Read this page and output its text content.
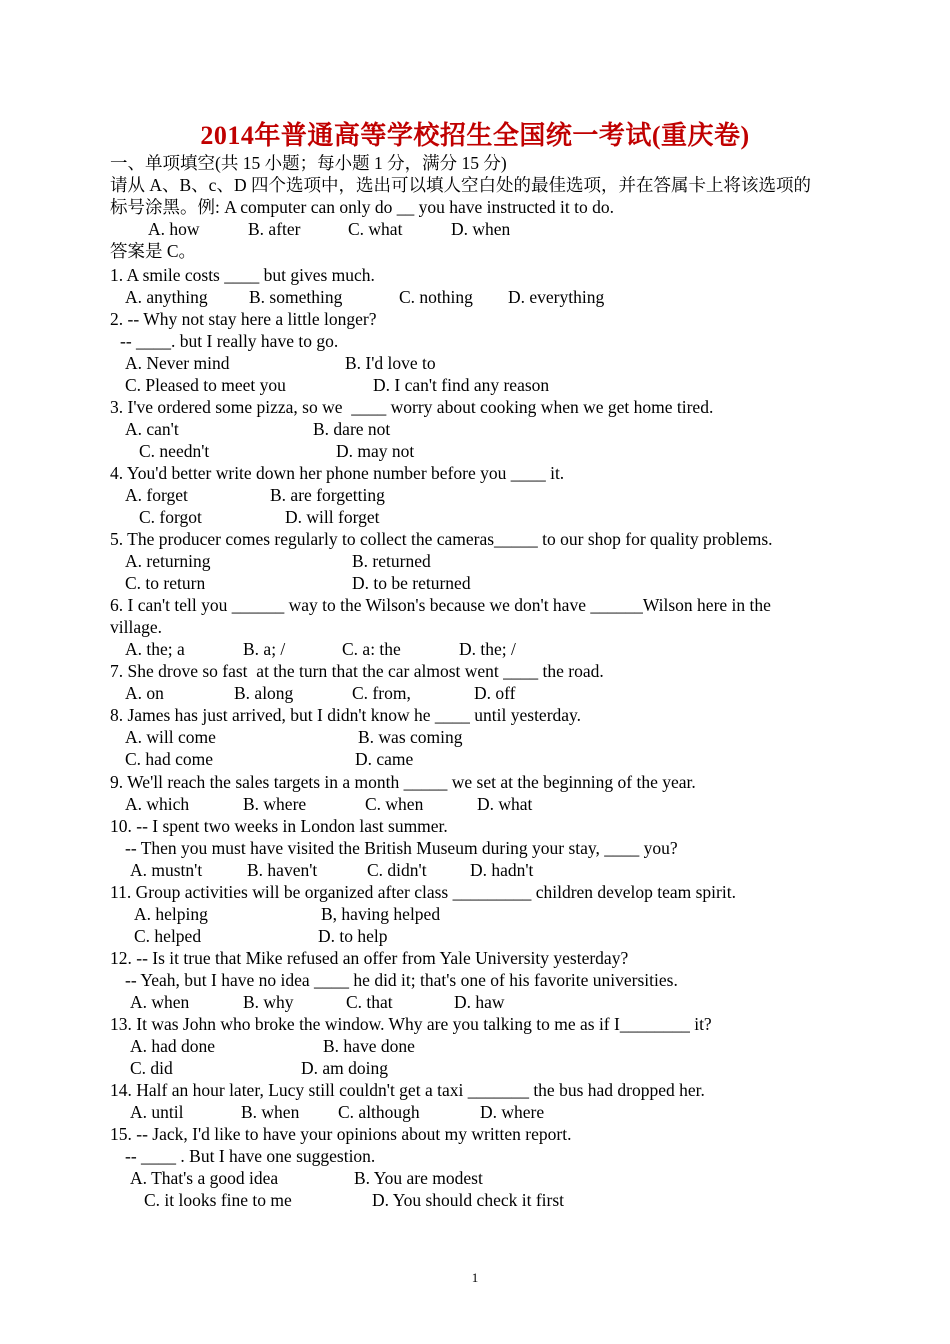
2014年普通高等学校招生全国统一考试(重庆卷)
一、单项填空(共 15 小题；每小题 1 分，满分 15 分)
请从 A、B、c、D 四个选项中，选出可以填人空白处的最佳选项，并在答属卡上将该选项的
标号涂黑。例: A computer can only do __ you have instructed it to do.
A. how	B. after	C. what	D. when
答案是 C。
1. A smile costs ____ but gives much.
A. anything B. something	C. nothing D. everything
2. -- Why not stay here a little longer?
-- ____. but I really have to go.
A. Never mind	B. I'd love to
C. Pleased to meet you	D. I can't find any reason
3. I've ordered some pizza, so we  ____ worry about cooking when we get home tired.
A. can't	B. dare not
C. needn't	D. may not
4. You'd better write down her phone number before you ____ it.
A. forget	B. are forgetting
C. forgot	D. will forget
5. The producer comes regularly to collect the cameras_____ to our shop for quality problems.
A. returning	B. returned
C. to return	D. to be returned
6. I can't tell you ______ way to the Wilson's because we don't have ______Wilson here in the
village.
A. the; a	B. a; /	C. a: the	D. the; /
7. She drove so fast  at the turn that the car almost went ____ the road.
A. on	B. along	C. from,	D. off
8. James has just arrived, but I didn't know he ____ until yesterday.
A. will come	B. was coming
C. had come	D. came
9. We'll reach the sales targets in a month _____ we set at the beginning of the year.
A. which	B. where	C. when	D. what
10. -- I spent two weeks in London last summer.
-- Then you must have visited the British Museum during your stay, ____ you?
A. mustn't	B. haven't	C. didn't D. hadn't
11. Group activities will be organized after class _________ children develop team spirit.
A. helping	B, having helped
C. helped	D. to help
12. -- Is it true that Mike refused an offer from Yale University yesterday?
-- Yeah, but I have no idea ____ he did it; that's one of his favorite universities.
A. when	B. why	C. that	D. haw
13. It was John who broke the window. Why are you talking to me as if I________ it?
A. had done	B. have done
C. did	D. am doing
14. Half an hour later, Lucy still couldn't get a taxi _______ the bus had dropped her.
A. until	B. when C. although	D. where
15. -- Jack, I'd like to have your opinions about my written report.
-- ____ . But I have one suggestion.
A. That's a good idea	B. You are modest
C. it looks fine to me	D. You should check it first
1
